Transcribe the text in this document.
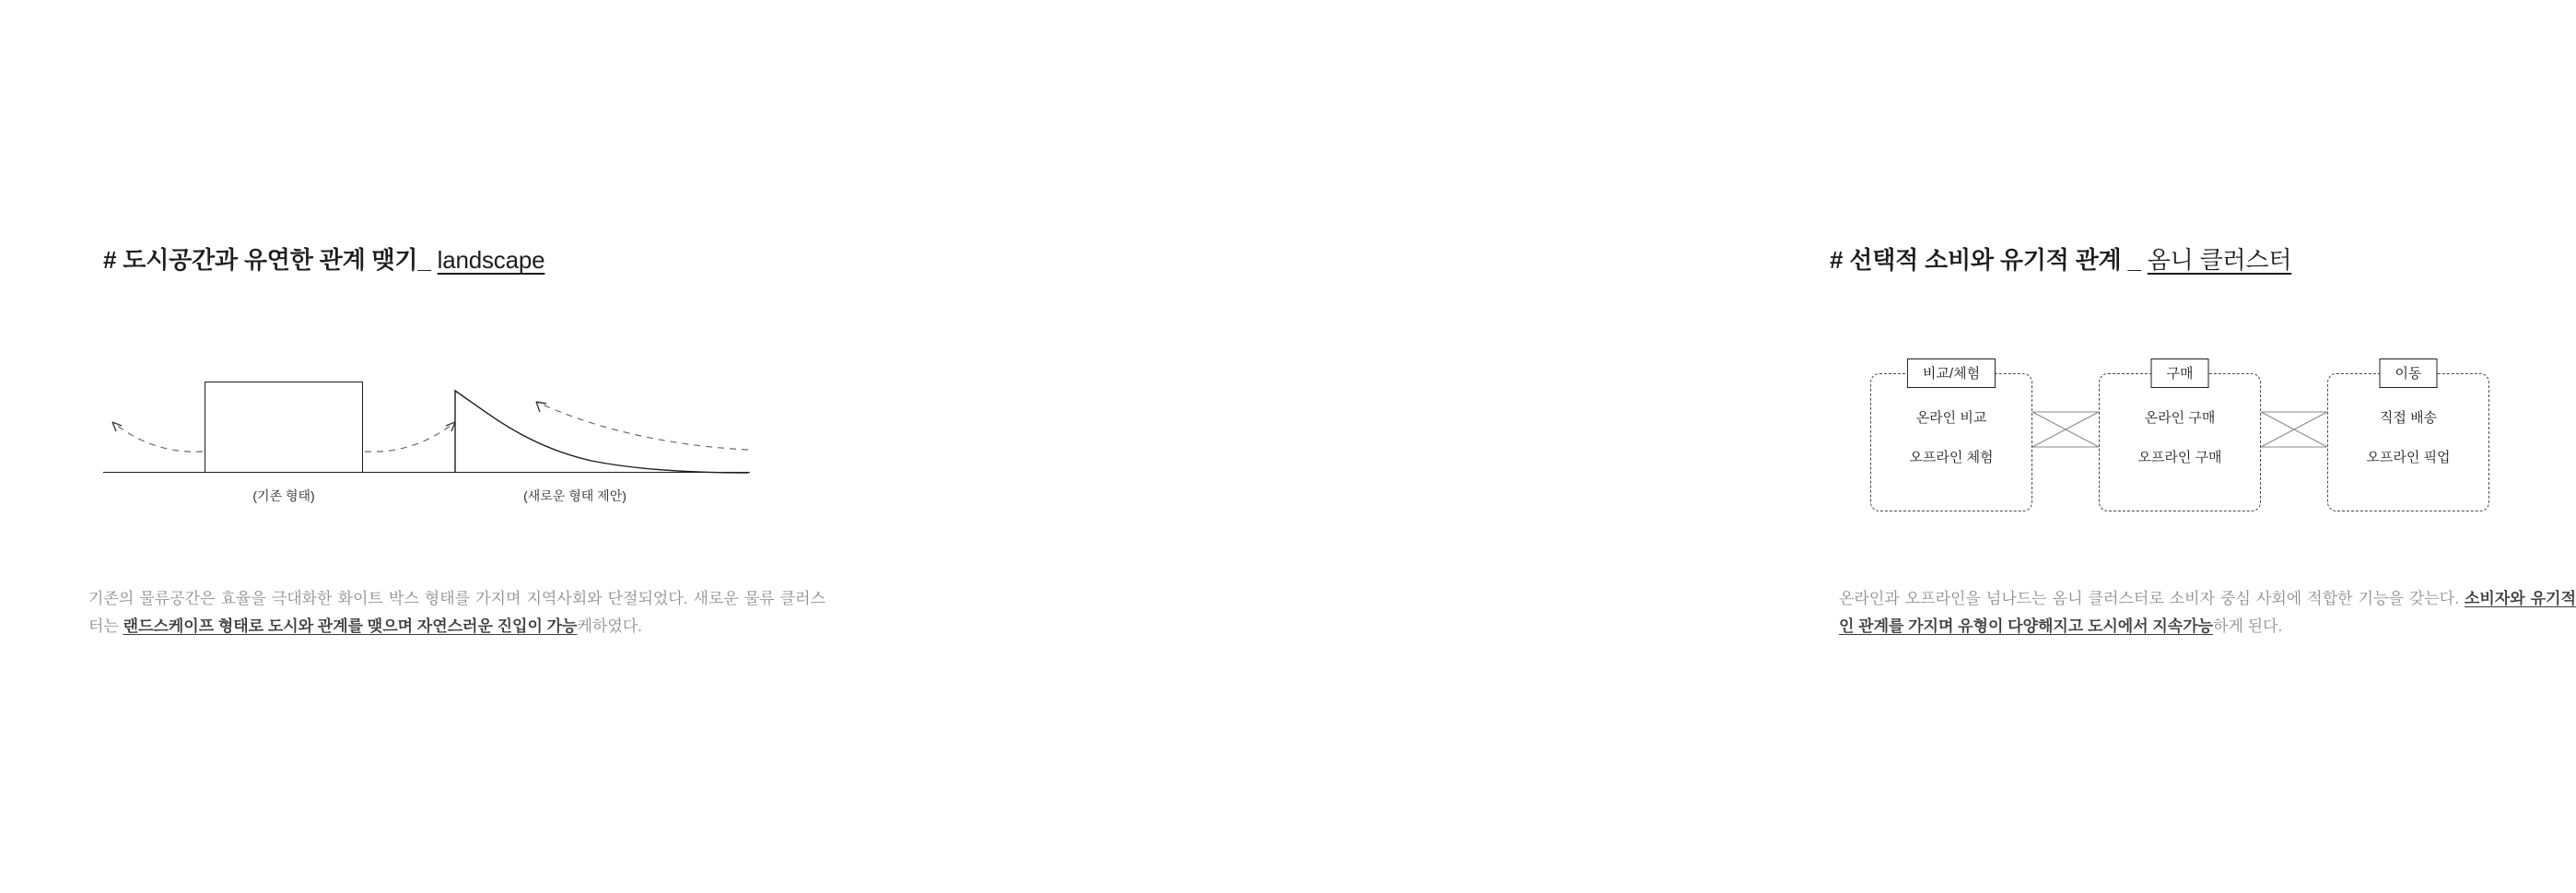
# 도시공간과 유연한 관계 맺기_ landscape
(기존 형태)	(새로운 형태 제안)
기존의 물류공간은 효율을 극대화한 화이트 박스 형태를 가지며 지역사회와 단절되었다. 새로운 물류 클러스터는 랜드스케이프 형태로 도시와 관계를 맺으며 자연스러운 진입이 가능케하였다.
# 선택적 소비와 유기적 관계 _ 옴니 클러스터
비교/체험
온라인 비교
오프라인 체험
구매
온라인 구매
오프라인 구매
이동
직접 배송
오프라인 픽업
온라인과 오프라인을 넘나드는 옴니 클러스터로 소비자 중심 사회에 적합한 기능을 갖는다. 소비자와 유기적인 관계를 가지며 유형이 다양해지고 도시에서 지속가능하게 된다.
